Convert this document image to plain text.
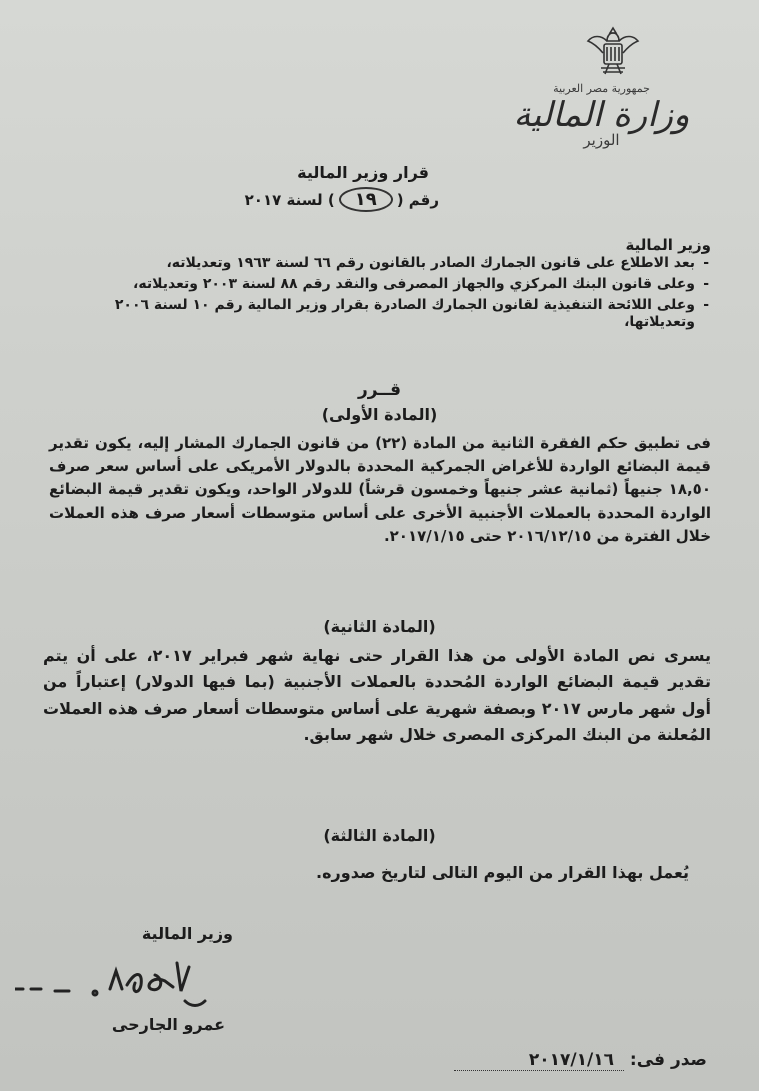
جمهورية مصر العربية
وزارة المالية
الوزير
قرار وزير المالية
رقم (١٩) لسنة ٢٠١٧
وزير المالية
- بعد الاطلاع على قانون الجمارك الصادر بالقانون رقم ٦٦ لسنة ١٩٦٣ وتعديلاته،
- وعلى قانون البنك المركزي والجهاز المصرفى والنقد رقم ٨٨ لسنة ٢٠٠٣ وتعديلاته،
- وعلى اللائحة التنفيذية لقانون الجمارك الصادرة بقرار وزير المالية رقم ١٠ لسنة ٢٠٠٦ وتعديلاتها،
قــرر
(المادة الأولى)
فى تطبيق حكم الفقرة الثانية من المادة (٢٢) من قانون الجمارك المشار إليه، يكون تقدير قيمة البضائع الواردة للأغراض الجمركية المحددة بالدولار الأمريكى على أساس سعر صرف ١٨,٥٠ جنيهاً (ثمانية عشر جنيهاً وخمسون قرشاً) للدولار الواحد، ويكون تقدير قيمة البضائع الواردة المحددة بالعملات الأجنبية الأخرى على أساس متوسطات أسعار صرف هذه العملات خلال الفترة من ٢٠١٦/١٢/١٥ حتى ٢٠١٧/١/١٥.
(المادة الثانية)
يسرى نص المادة الأولى من هذا القرار حتى نهاية شهر فبراير ٢٠١٧، على أن يتم تقدير قيمة البضائع الواردة المُحددة بالعملات الأجنبية (بما فيها الدولار) إعتباراً من أول شهر مارس ٢٠١٧ وبصفة شهرية على أساس متوسطات أسعار صرف هذه العملات المُعلنة من البنك المركزى المصرى خلال شهر سابق.
(المادة الثالثة)
يُعمل بهذا القرار من اليوم التالى لتاريخ صدوره.
وزير المالية
عمرو الجارحى
صدر فى: ٢٠١٧/١/١٦
